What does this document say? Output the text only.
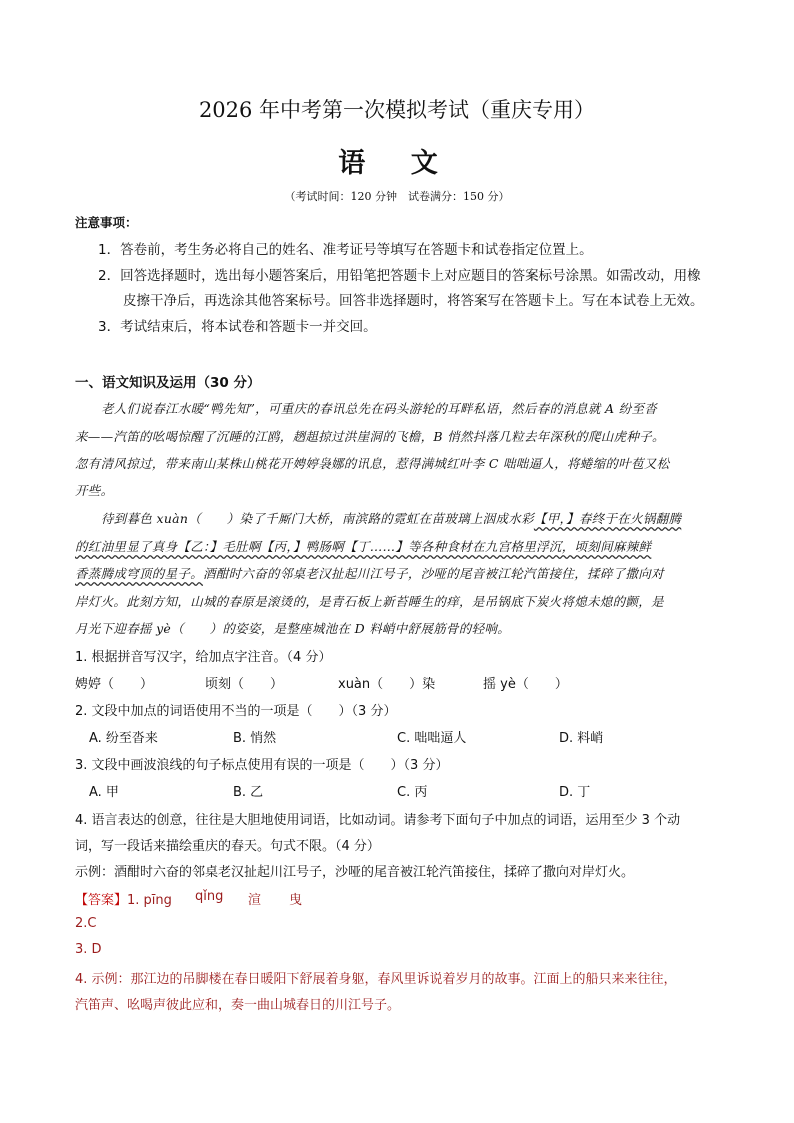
2026 年中考第一次模拟考试（重庆专用）
语 文
（考试时间：120 分钟　试卷满分：150 分）
注意事项：
1．答卷前，考生务必将自己的姓名、准考证号等填写在答题卡和试卷指定位置上。
2．回答选择题时，选出每小题答案后，用铅笔把答题卡上对应题目的答案标号涂黑。如需改动，用橡
皮擦干净后，再选涂其他答案标号。回答非选择题时，将答案写在答题卡上。写在本试卷上无效。
3．考试结束后，将本试卷和答题卡一并交回。
一、语文知识及运用（30 分）
老人们说春江水暖“鸭先知”，可重庆的春讯总先在码头游轮的耳畔私语，然后春的消息就 A 纷至沓
来——汽笛的吆喝惊醒了沉睡的江鸥，趔趄掠过洪崖洞的飞檐，B 悄然抖落几粒去年深秋的爬山虎种子。
忽有清风掠过，带来南山某株山桃花开娉婷袅娜的讯息，惹得满城红叶李 C 咄咄逼人，将蜷缩的叶苞又松
开些。
待到暮色 xuàn（　　）染了千厮门大桥，南滨路的霓虹在苗玻璃上洇成水彩【甲，】春终于在火锅翻腾
的红油里显了真身【乙：】毛肚啊【丙，】鸭肠啊【丁……】等各种食材在九宫格里浮沉，顷刻间麻辣鲜
香蒸腾成穹顶的星子。酒酣时六奋的邻桌老汉扯起川江号子，沙哑的尾音被江轮汽笛接住，揉碎了撒向对
岸灯火。此刻方知，山城的春原是滚烫的，是青石板上新苔睡生的痒，是吊锅底下炭火将熄未熄的颤，是
月光下迎春摇 yè（　　）的姿姿，是整座城池在 D 料峭中舒展筋骨的轻响。
1. 根据拼音写汉字，给加点字注音。（4 分）
娉婷（　　）	顷刻（　　）	xuàn（　　）染	摇 yè（　　）
2. 文段中加点的词语使用不当的一项是（　　）（3 分）
A. 纷至沓来	B. 悄然	C. 咄咄逼人	D. 料峭
3. 文段中画波浪线的句子标点使用有误的一项是（　　）（3 分）
A. 甲	B. 乙	C. 丙	D. 丁
4. 语言表达的创意，往往是大胆地使用词语，比如动词。请参考下面句子中加点的词语，运用至少 3 个动
词，写一段话来描绘重庆的春天。句式不限。（4 分）
示例：酒酣时六奋的邻桌老汉扯起川江号子，沙哑的尾音被江轮汽笛接住，揉碎了撒向对岸灯火。
【答案】1. pīng qǐng 渲 曳
2.C
3. D
4. 示例：那江边的吊脚楼在春日暖阳下舒展着身躯，春风里诉说着岁月的故事。江面上的船只来来往往，
汽笛声、吆喝声彼此应和，奏一曲山城春日的川江号子。
